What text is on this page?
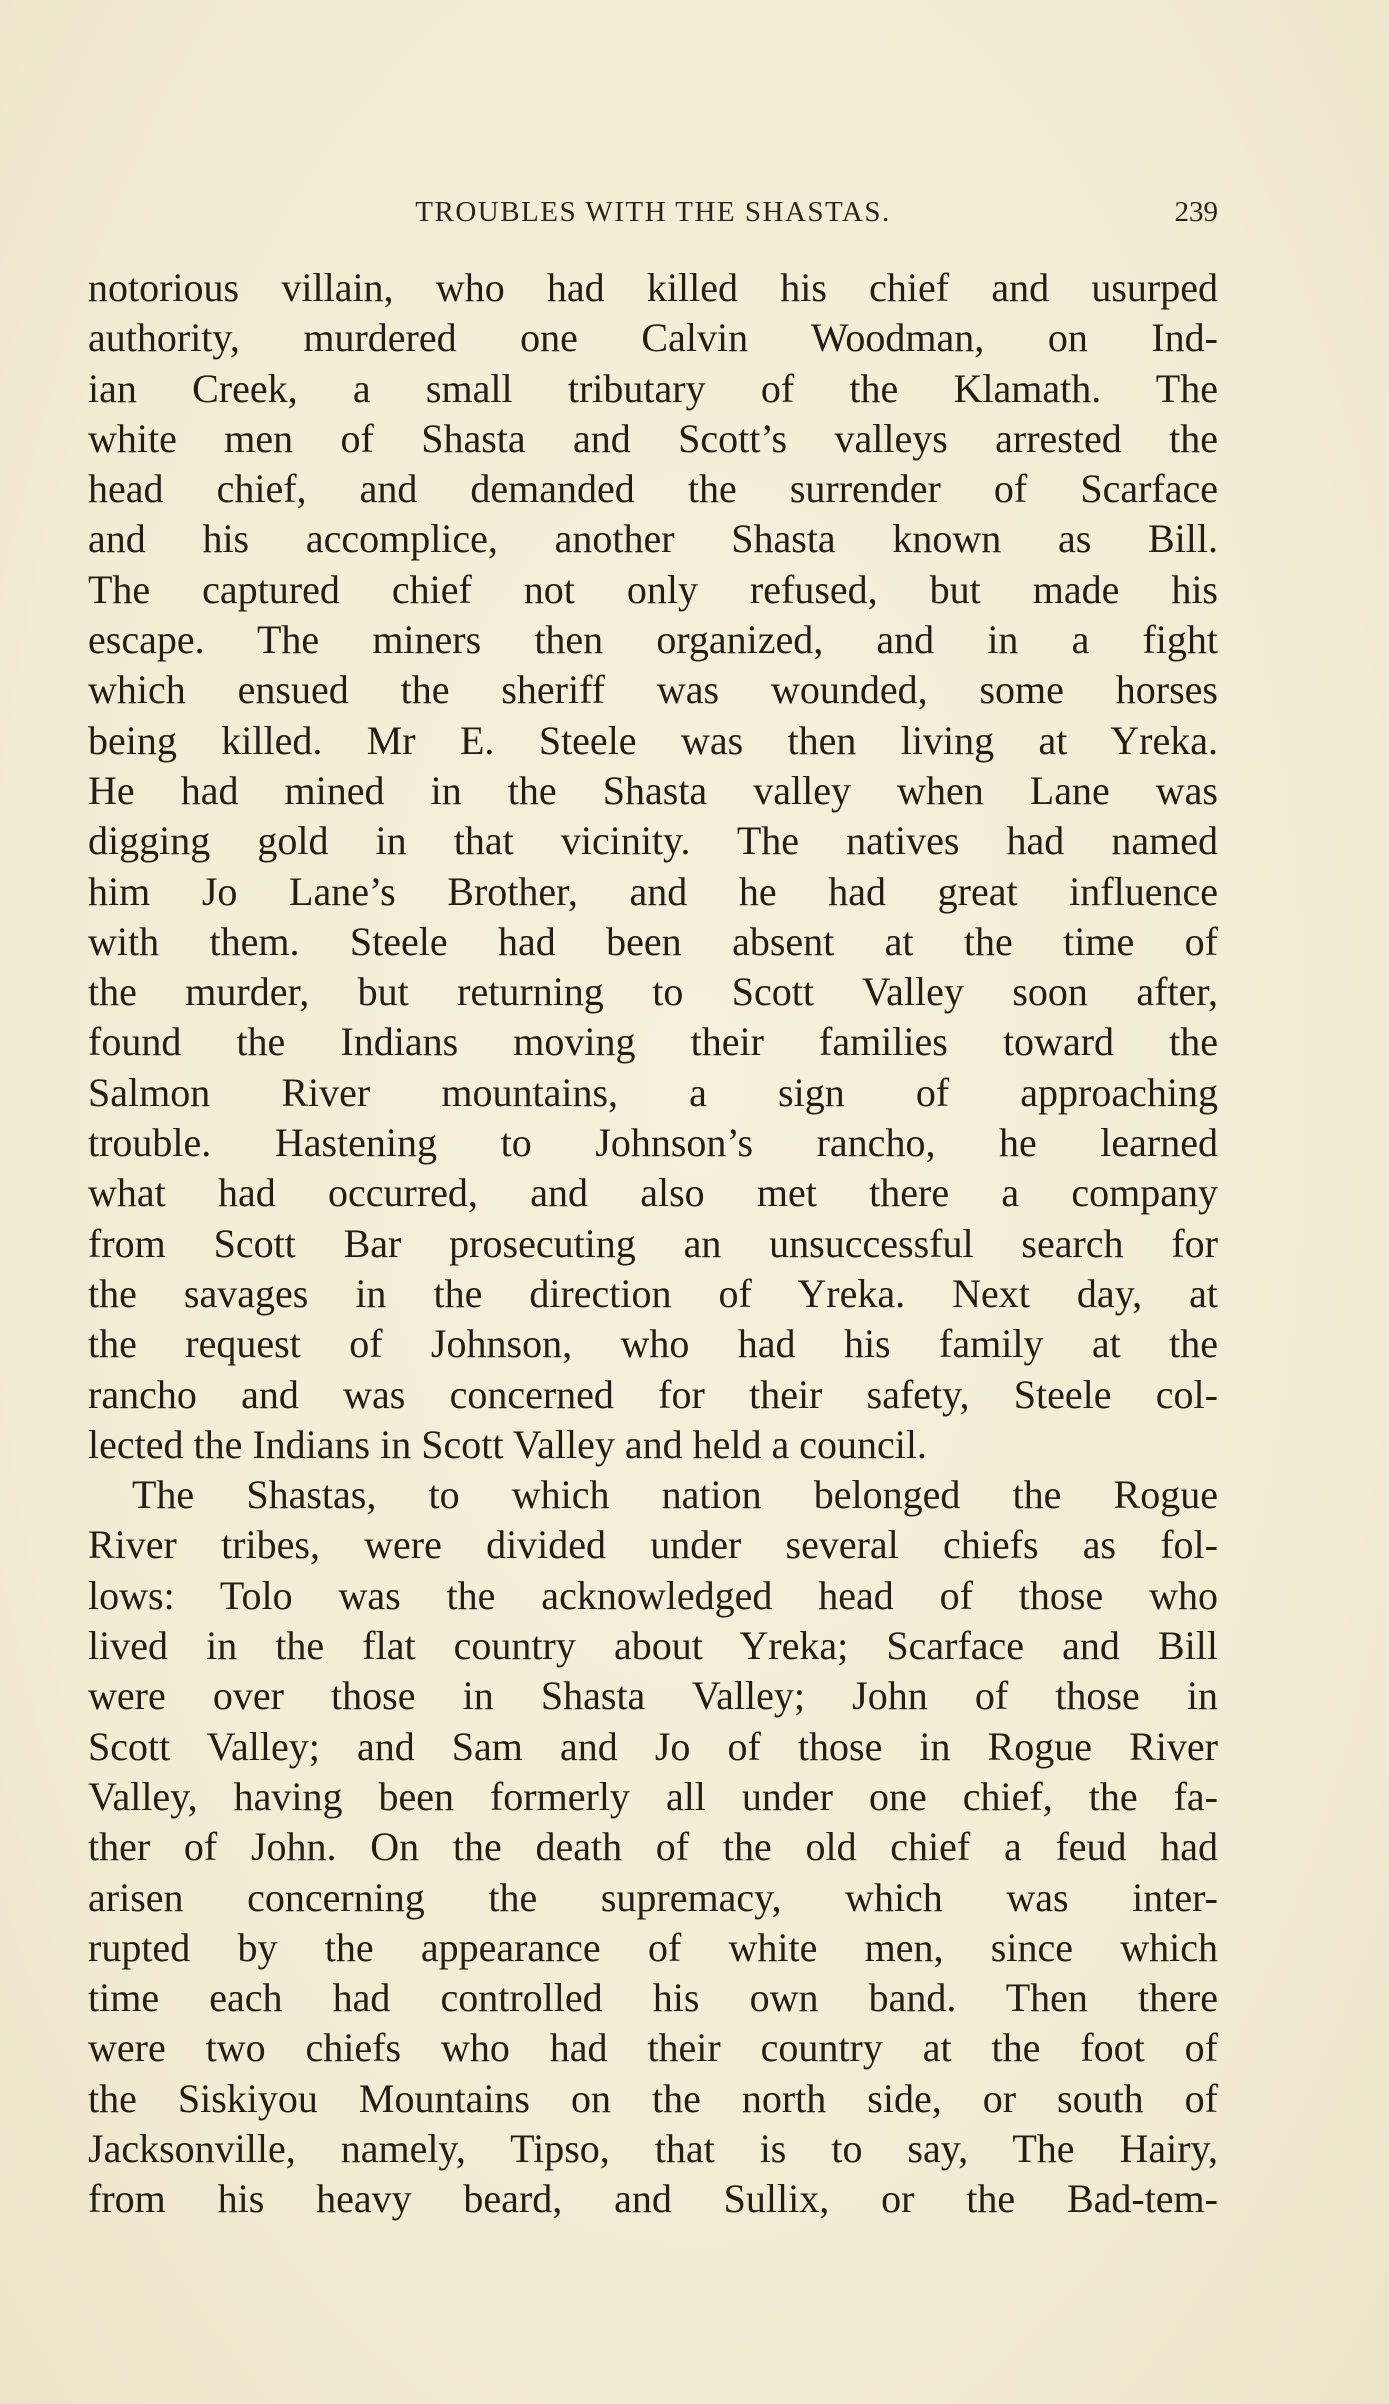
TROUBLES WITH THE SHASTAS.	239
notorious villain, who had killed his chief and usurped
authority, murdered one Calvin Woodman, on Ind-
ian Creek, a small tributary of the Klamath. The
white men of Shasta and Scott’s valleys arrested the
head chief, and demanded the surrender of Scarface
and his accomplice, another Shasta known as Bill.
The captured chief not only refused, but made his
escape. The miners then organized, and in a fight
which ensued the sheriff was wounded, some horses
being killed. Mr E. Steele was then living at Yreka.
He had mined in the Shasta valley when Lane was
digging gold in that vicinity. The natives had named
him Jo Lane’s Brother, and he had great influence
with them. Steele had been absent at the time of
the murder, but returning to Scott Valley soon after,
found the Indians moving their families toward the
Salmon River mountains, a sign of approaching
trouble. Hastening to Johnson’s rancho, he learned
what had occurred, and also met there a company
from Scott Bar prosecuting an unsuccessful search for
the savages in the direction of Yreka. Next day, at
the request of Johnson, who had his family at the
rancho and was concerned for their safety, Steele col-
lected the Indians in Scott Valley and held a council.
The Shastas, to which nation belonged the Rogue
River tribes, were divided under several chiefs as fol-
lows: Tolo was the acknowledged head of those who
lived in the flat country about Yreka; Scarface and Bill
were over those in Shasta Valley; John of those in
Scott Valley; and Sam and Jo of those in Rogue River
Valley, having been formerly all under one chief, the fa-
ther of John. On the death of the old chief a feud had
arisen concerning the supremacy, which was inter-
rupted by the appearance of white men, since which
time each had controlled his own band. Then there
were two chiefs who had their country at the foot of
the Siskiyou Mountains on the north side, or south of
Jacksonville, namely, Tipso, that is to say, The Hairy,
from his heavy beard, and Sullix, or the Bad-tem-
